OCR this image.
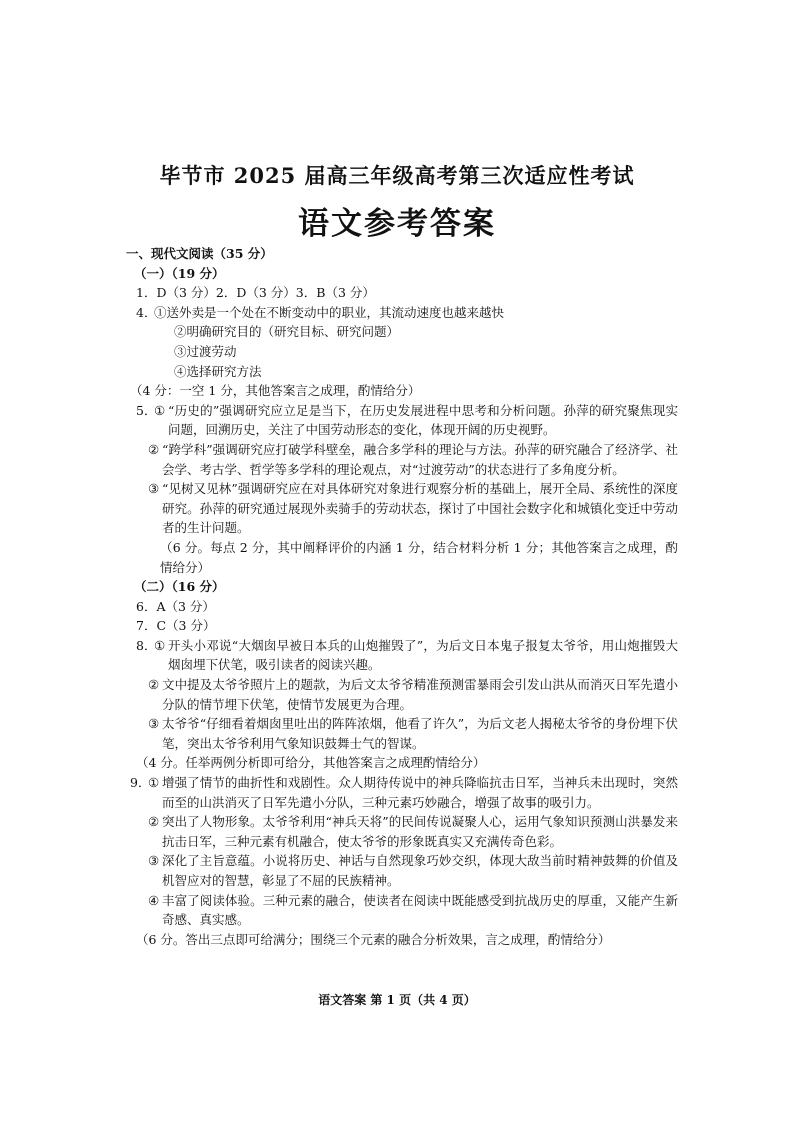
毕节市 2025 届高三年级高考第三次适应性考试
语文参考答案
一、现代文阅读（35 分）
（一）（19 分）
1．D（3 分）2．D（3 分）3．B（3 分）
4．
①送外卖是一个处在不断变动中的职业，其流动速度也越来越快
②明确研究目的（研究目标、研究问题）
③过渡劳动
④选择研究方法
（4 分：一空 1 分，其他答案言之成理，酌情给分）
5．
① “历史的”强调研究应立足是当下，在历史发展进程中思考和分析问题。孙萍的研究聚焦现实问题，回溯历史，关注了中国劳动形态的变化，体现开阔的历史视野。
② “跨学科”强调研究应打破学科壁垒，融合多学科的理论与方法。孙萍的研究融合了经济学、社会学、考古学、哲学等多学科的理论观点，对“过渡劳动”的状态进行了多角度分析。
③ “见树又见林”强调研究应在对具体研究对象进行观察分析的基础上，展开全局、系统性的深度研究。孙萍的研究通过展现外卖骑手的劳动状态，探讨了中国社会数字化和城镇化变迁中劳动者的生计问题。
（6 分。每点 2 分，其中阐释评价的内涵 1 分，结合材料分析 1 分；其他答案言之成理，酌情给分）
（二）（16 分）
6．A（3 分）
7．C（3 分）
8．
① 开头小邓说“大烟囱早被日本兵的山炮摧毁了”，为后文日本鬼子报复太爷爷，用山炮摧毁大烟囱埋下伏笔，吸引读者的阅读兴趣。
② 文中提及太爷爷照片上的题款，为后文太爷爷精准预测雷暴雨会引发山洪从而消灭日军先遣小分队的情节埋下伏笔，使情节发展更为合理。
③ 太爷爷“仔细看着烟囱里吐出的阵阵浓烟，他看了许久”，为后文老人揭秘太爷爷的身份埋下伏笔，突出太爷爷利用气象知识鼓舞士气的智谋。
（4 分。任举两例分析即可给分，其他答案言之成理酌情给分）
9．
① 增强了情节的曲折性和戏剧性。众人期待传说中的神兵降临抗击日军，当神兵未出现时，突然而至的山洪消灭了日军先遣小分队，三种元素巧妙融合，增强了故事的吸引力。
② 突出了人物形象。太爷爷利用“神兵天将”的民间传说凝聚人心，运用气象知识预测山洪暴发来抗击日军，三种元素有机融合，使太爷爷的形象既真实又充满传奇色彩。
③ 深化了主旨意蕴。小说将历史、神话与自然现象巧妙交织，体现大敌当前时精神鼓舞的价值及机智应对的智慧，彰显了不屈的民族精神。
④ 丰富了阅读体验。三种元素的融合，使读者在阅读中既能感受到抗战历史的厚重，又能产生新奇感、真实感。
（6 分。答出三点即可给满分；围绕三个元素的融合分析效果，言之成理，酌情给分）
语文答案 第 1 页（共 4 页）
